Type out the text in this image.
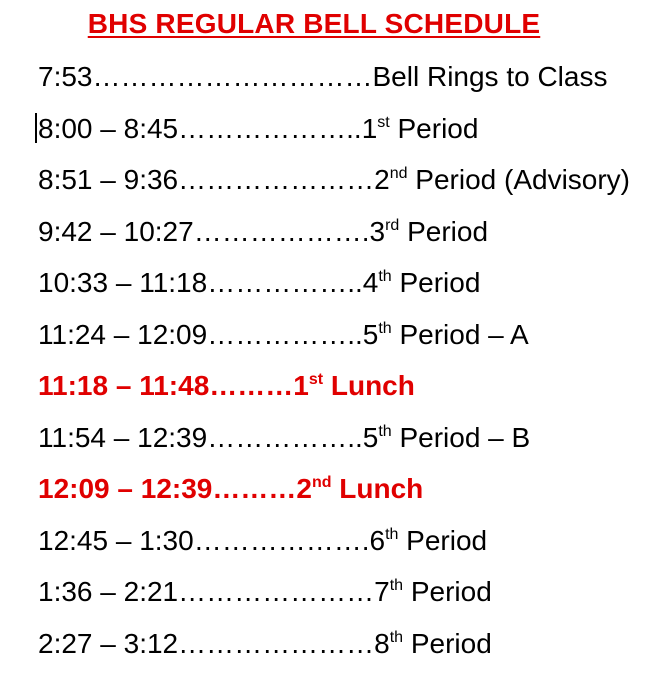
BHS REGULAR BELL SCHEDULE
7:53…………………………Bell Rings to Class
8:00 – 8:45………………..1st Period
8:51 – 9:36…………………2nd Period (Advisory)
9:42 – 10:27……………….3rd Period
10:33 – 11:18……………..4th Period
11:24 – 12:09……………..5th Period – A
11:18 – 11:48………1st Lunch
11:54 – 12:39……………..5th Period – B
12:09 – 12:39………2nd Lunch
12:45 – 1:30……………….6th Period
1:36 – 2:21…………………7th Period
2:27 – 3:12…………………8th Period
